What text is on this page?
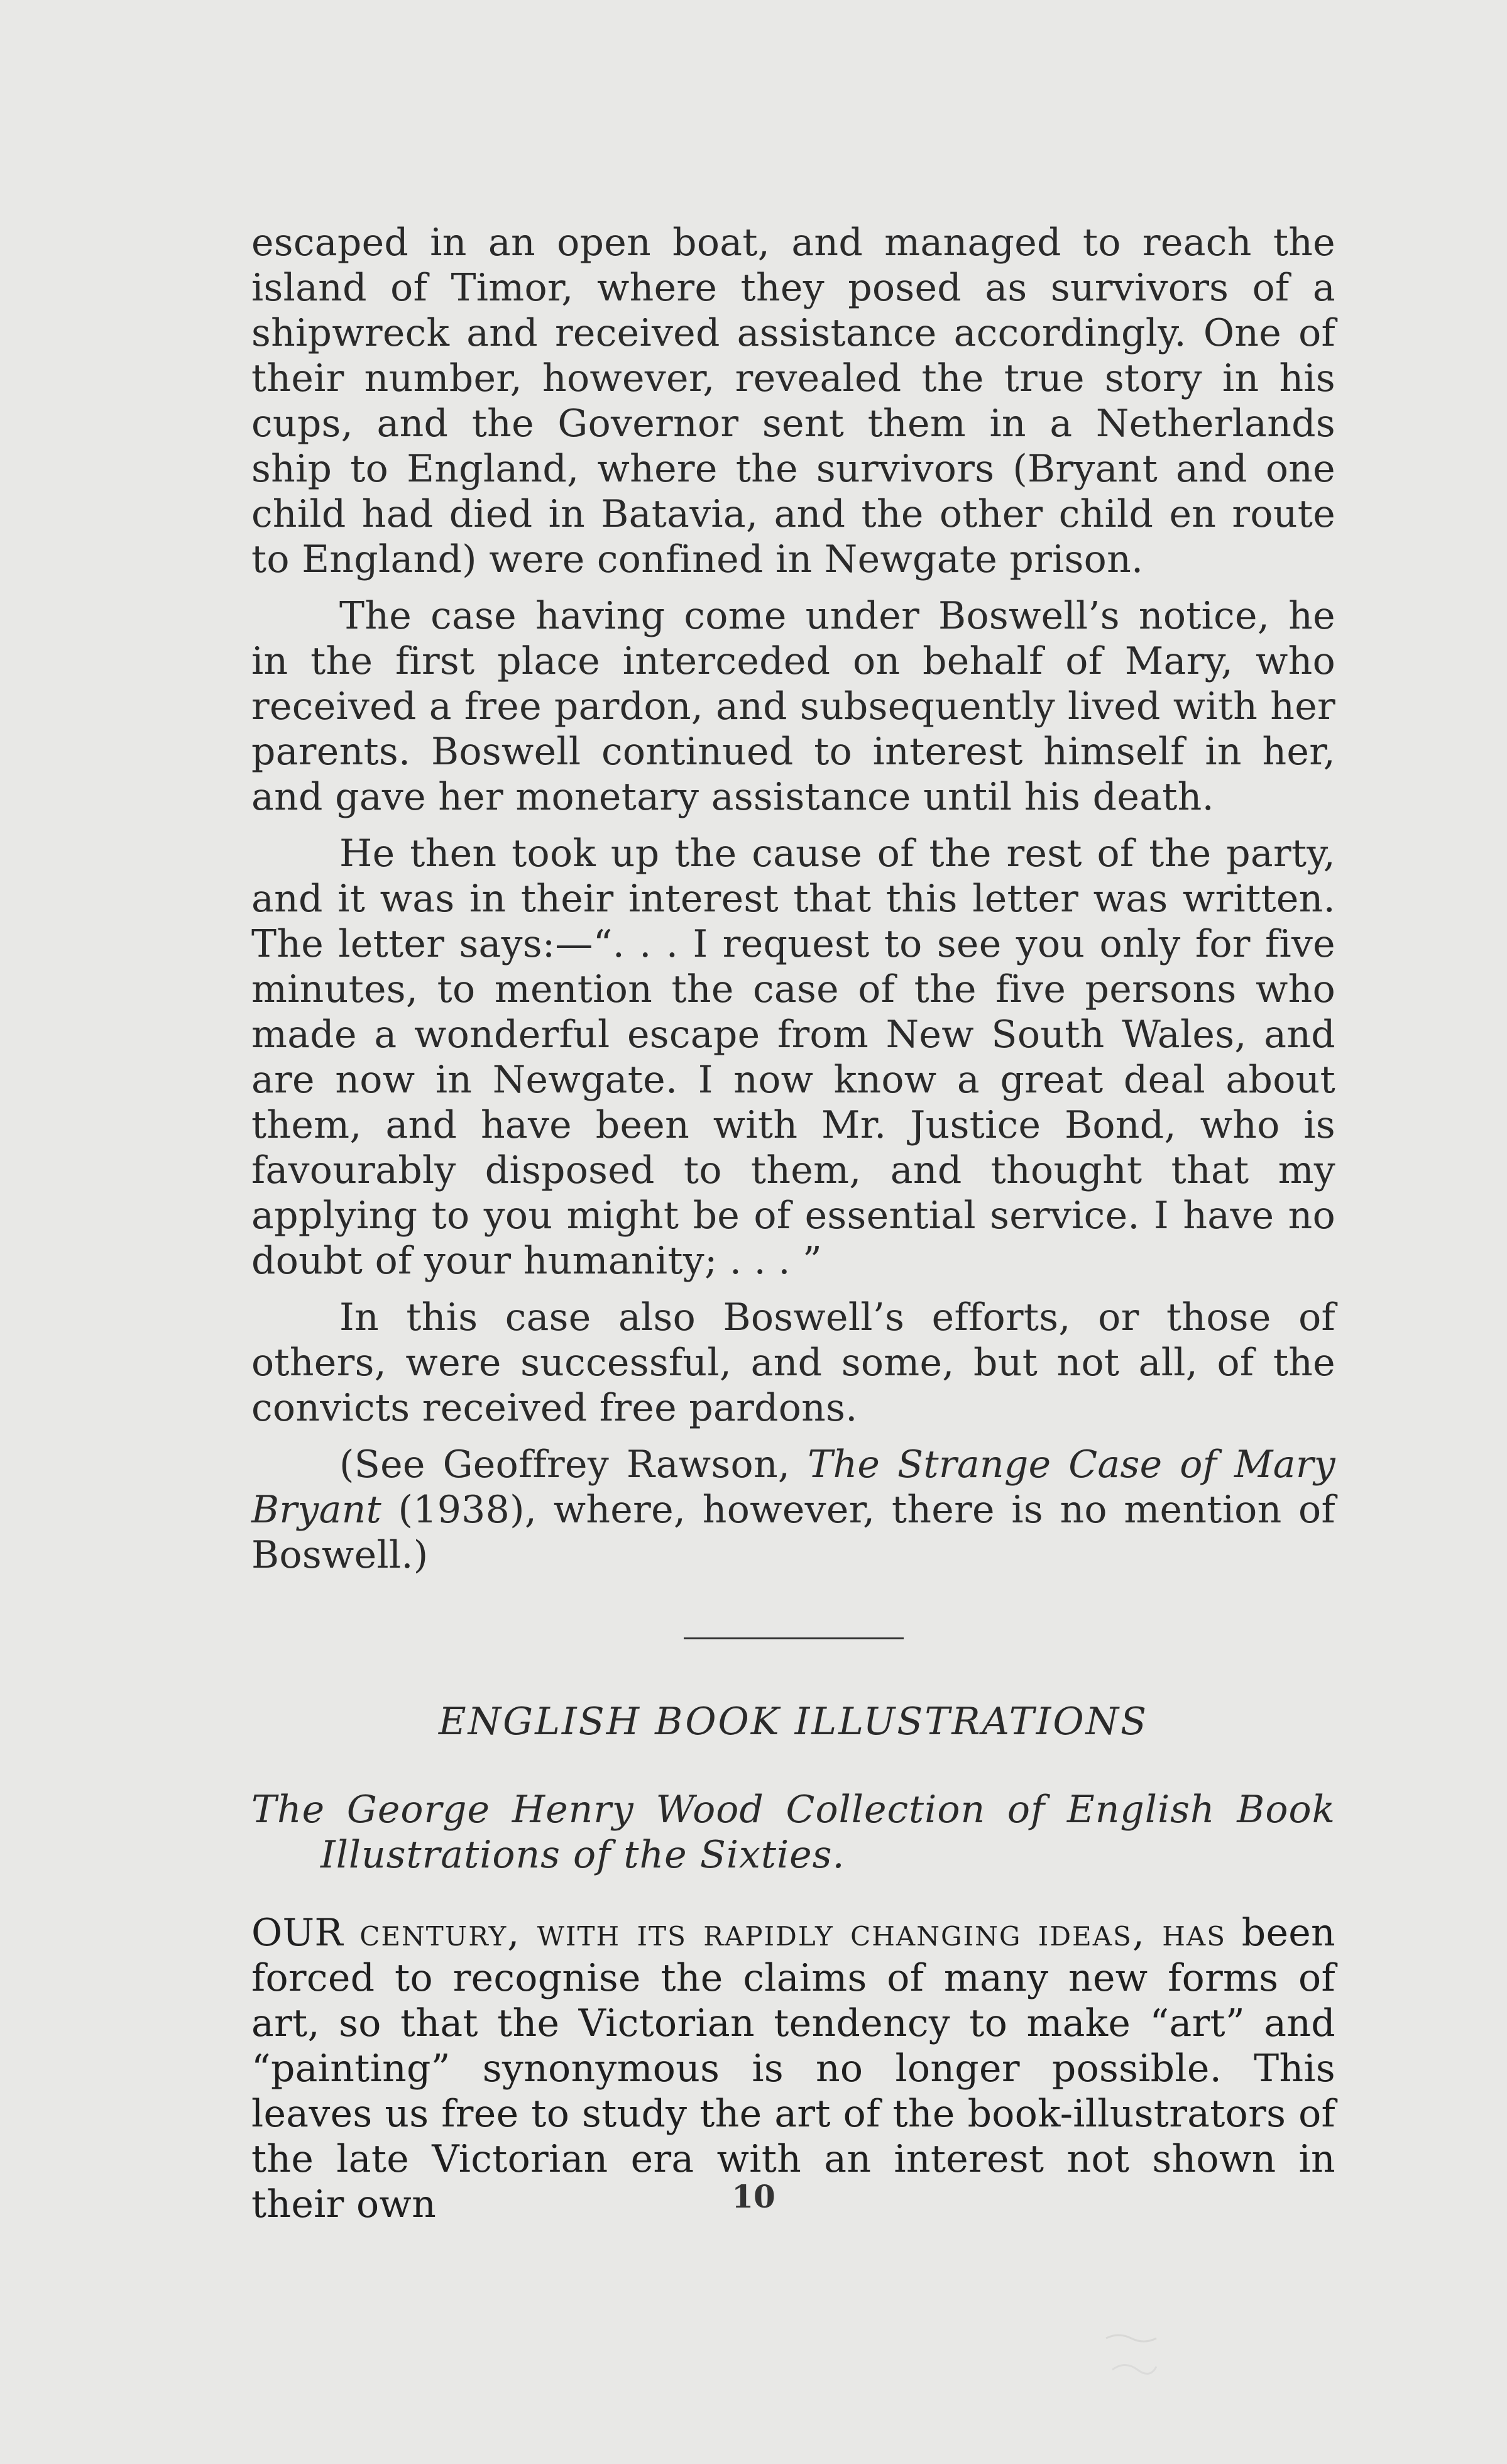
escaped in an open boat, and managed to reach the island of Timor, where they posed as survivors of a shipwreck and received assistance accordingly. One of their number, however, revealed the true story in his cups, and the Governor sent them in a Netherlands ship to England, where the survivors (Bryant and one child had died in Batavia, and the other child en route to England) were confined in Newgate prison.

The case having come under Boswell’s notice, he in the first place interceded on behalf of Mary, who received a free pardon, and subsequently lived with her parents. Boswell continued to interest himself in her, and gave her monetary assistance until his death.

He then took up the cause of the rest of the party, and it was in their interest that this letter was written. The letter says:—“. . . I request to see you only for five minutes, to mention the case of the five persons who made a wonderful escape from New South Wales, and are now in Newgate. I now know a great deal about them, and have been with Mr. Justice Bond, who is favourably disposed to them, and thought that my applying to you might be of essential service. I have no doubt of your humanity; . . . ”

In this case also Boswell’s efforts, or those of others, were successful, and some, but not all, of the convicts received free pardons.

(See Geoffrey Rawson, The Strange Case of Mary Bryant (1938), where, however, there is no mention of Boswell.)

ENGLISH BOOK ILLUSTRATIONS
The George Henry Wood Collection of English Book Illustrations of the Sixties.

OUR century, with its rapidly changing ideas, has been forced to recognise the claims of many new forms of art, so that the Victorian tendency to make “art” and “painting” synonymous is no longer possible. This leaves us free to study the art of the book-illustrators of the late Victorian era with an interest not shown in their own	10
